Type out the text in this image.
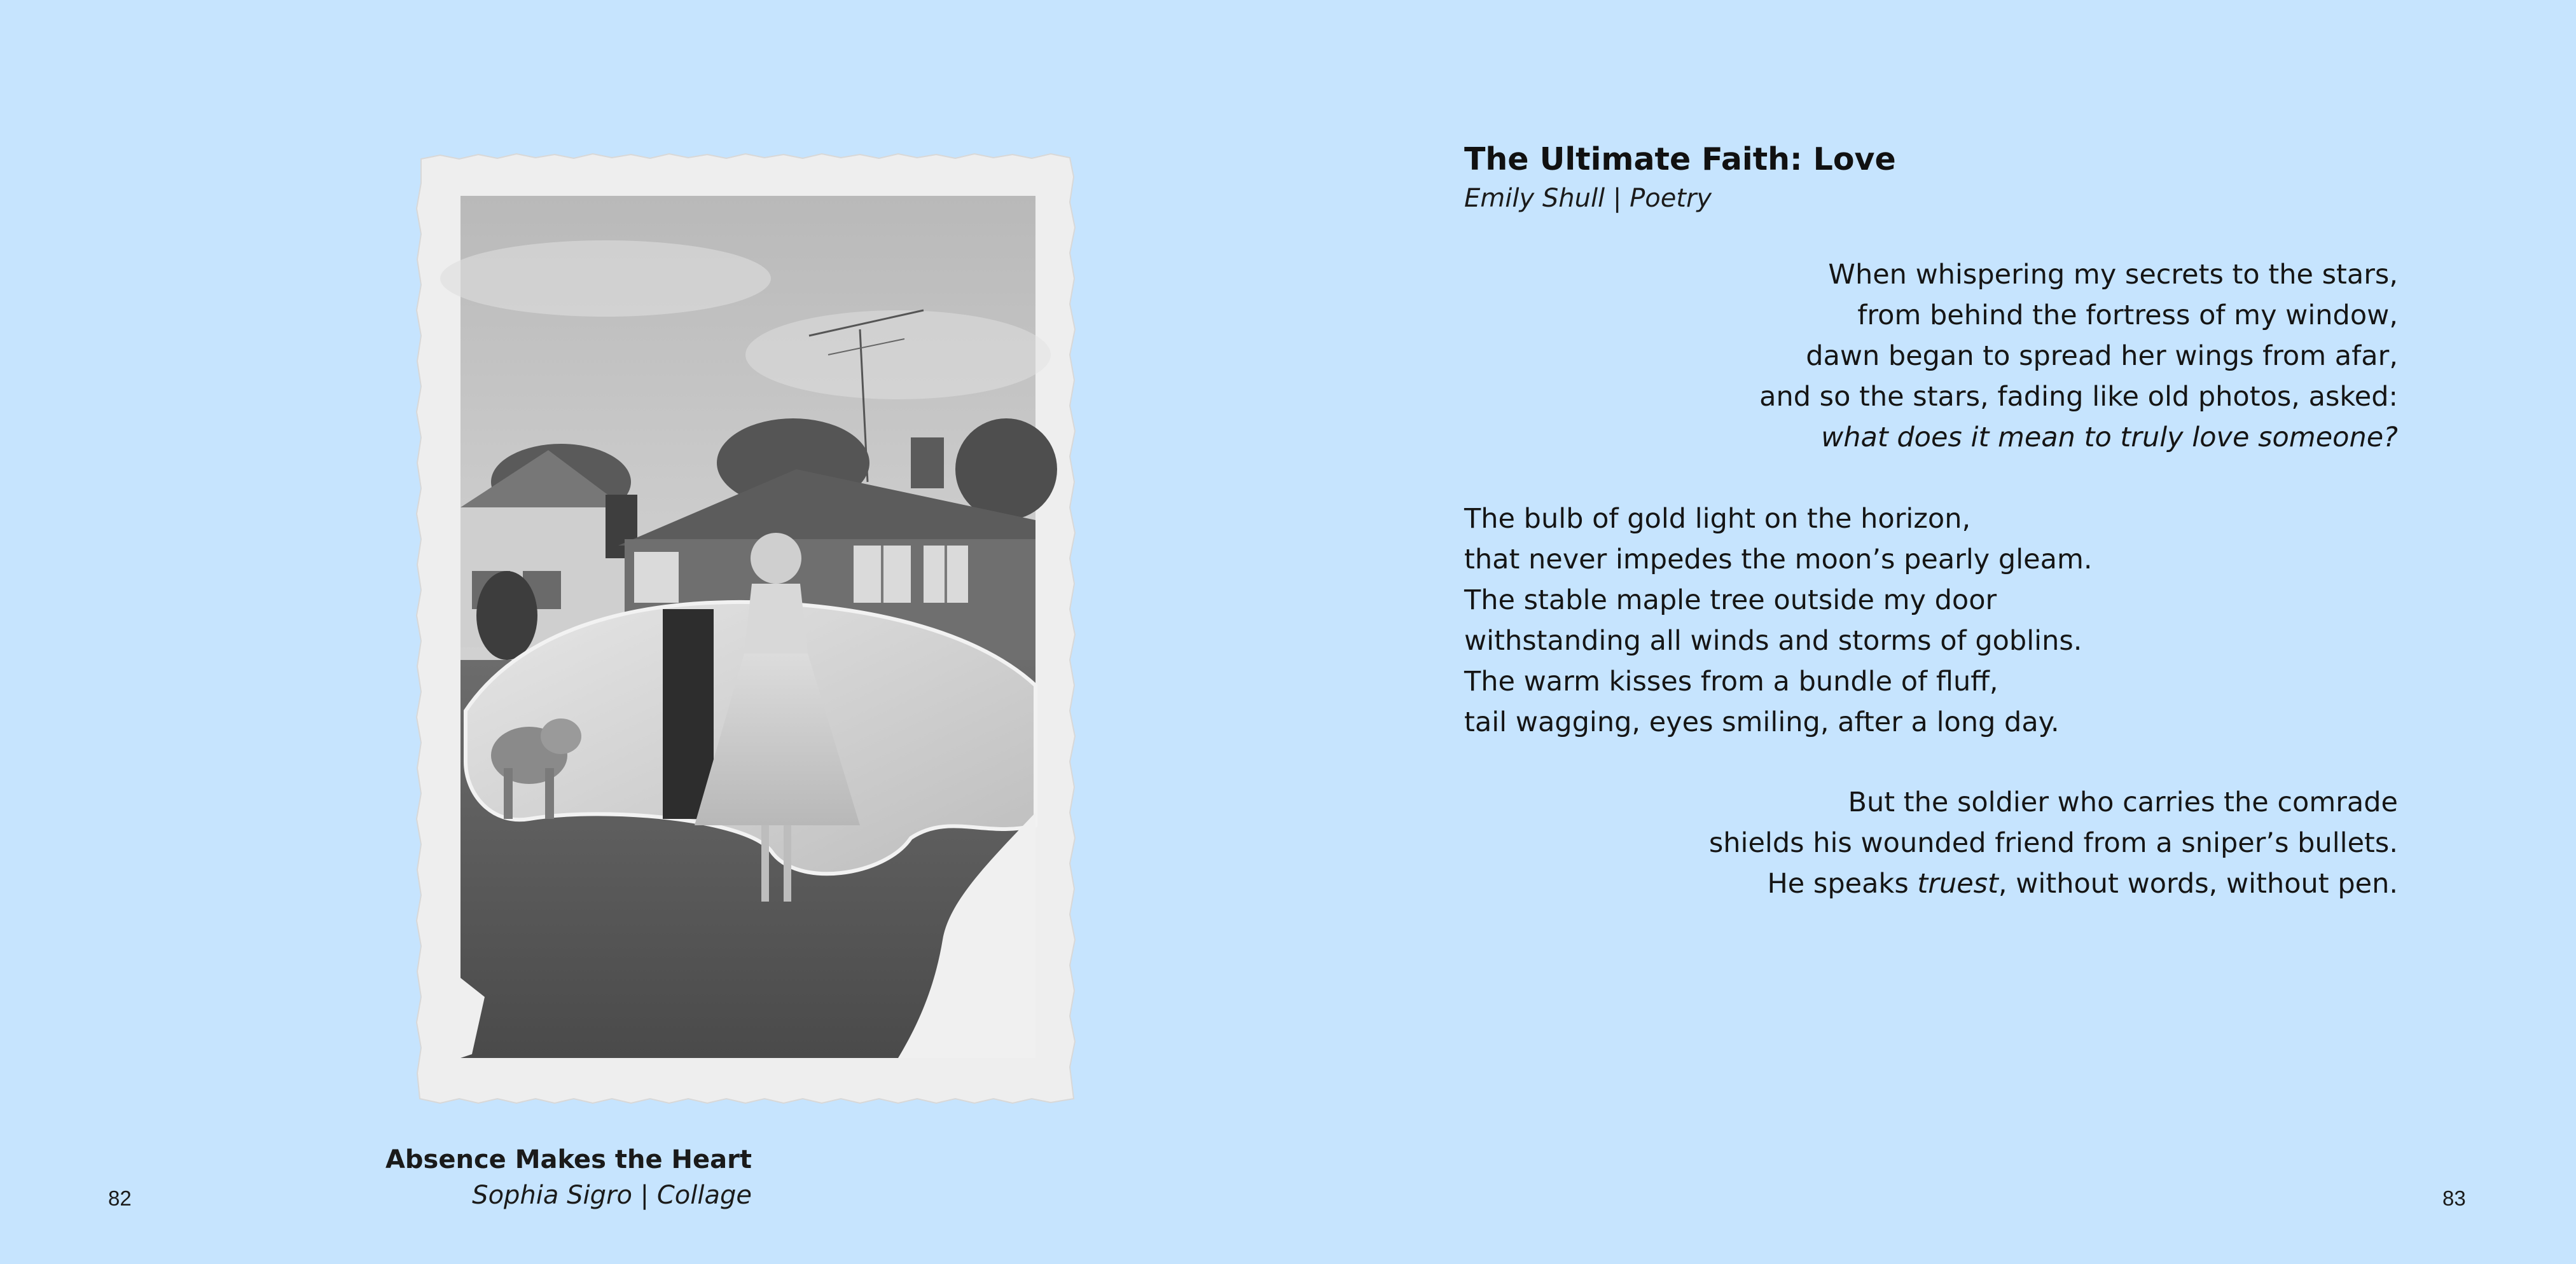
Absence Makes the Heart
Sophia Sigro | Collage
82
The Ultimate Faith: Love
Emily Shull | Poetry
When whispering my secrets to the stars,
from behind the fortress of my window,
dawn began to spread her wings from afar,
and so the stars, fading like old photos, asked:
what does it mean to truly love someone?
The bulb of gold light on the horizon,
that never impedes the moon’s pearly gleam.
The stable maple tree outside my door
withstanding all winds and storms of goblins.
The warm kisses from a bundle of fluff,
tail wagging, eyes smiling, after a long day.
But the soldier who carries the comrade
shields his wounded friend from a sniper’s bullets.
He speaks truest, without words, without pen.
83
